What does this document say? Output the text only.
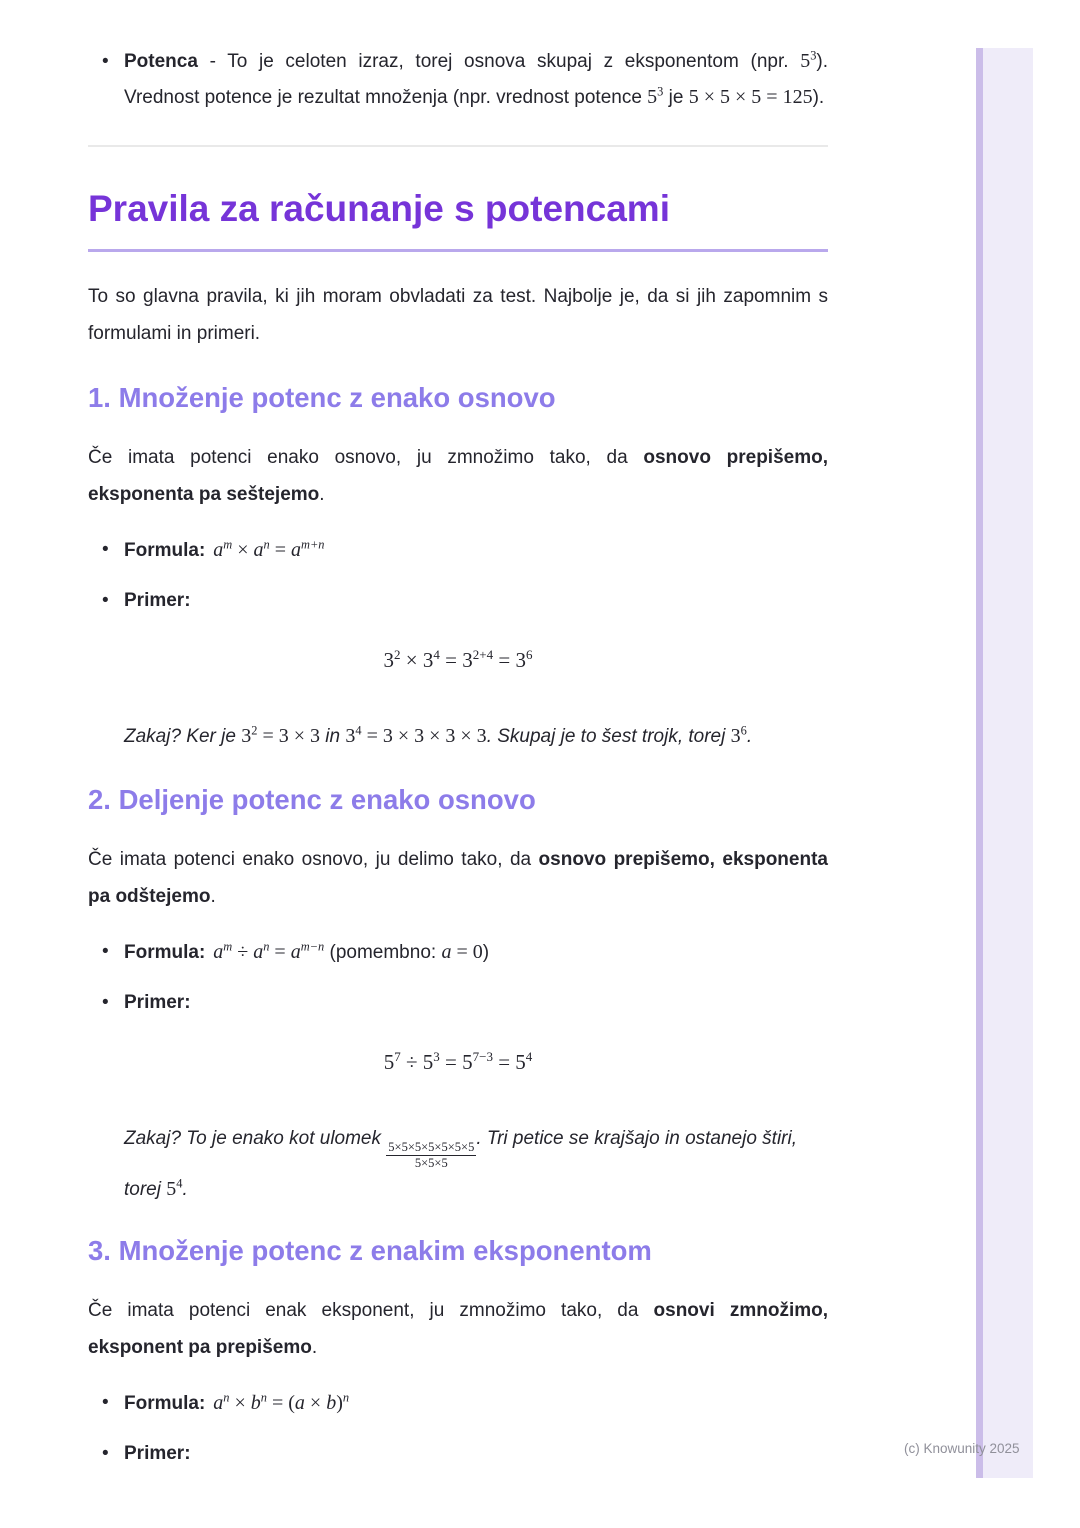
• Potenca - To je celoten izraz, torej osnova skupaj z eksponentom (npr. $5^3$). Vrednost potence je rezultat množenja (npr. vrednost potence $5^3$ je 5 × 5 × 5 = 125).
Pravila za računanje s potencami

To so glavna pravila, ki jih moram obvladati za test. Najbolje je, da si jih zapomnim s formulami in primeri.

1. Množenje potenc z enako osnovo

Če imata potenci enako osnovo, ju zmnožimo tako, da osnovo prepišemo, eksponenta pa seštejemo.

• Formula: $a^m \times a^n = a^{m+n}$
• Primer:
$3^2 \times 3^4 = 3^{2+4} = 3^6$

Zakaj? Ker je $3^2 = 3 \times 3$ in $3^4 = 3 \times 3 \times 3 \times 3$. Skupaj je to šest trojk, torej $3^6$.

2. Deljenje potenc z enako osnovo

Če imata potenci enako osnovo, ju delimo tako, da osnovo prepišemo, eksponenta pa odštejemo.

• Formula: $a^m \div a^n = a^{m-n}$ (pomembno: a = 0)
• Primer:
$5^7 \div 5^3 = 5^{7-3} = 5^4$

Zakaj? To je enako kot ulomek
$\frac{5\times 5\times 5\times 5\times 5\times 5\times 5}{5\times 5\times 5}$
. Tri petice se krajšajo in ostanejo štiri, torej $5^4$.

3. Množenje potenc z enakim eksponentom

Če imata potenci enak eksponent, ju zmnožimo tako, da osnovi zmnožimo, eksponent pa prepišemo.

• Formula: $a^n \times b^n = (a \times b)^n$
• Primer:	(c) Knowunity 2025
